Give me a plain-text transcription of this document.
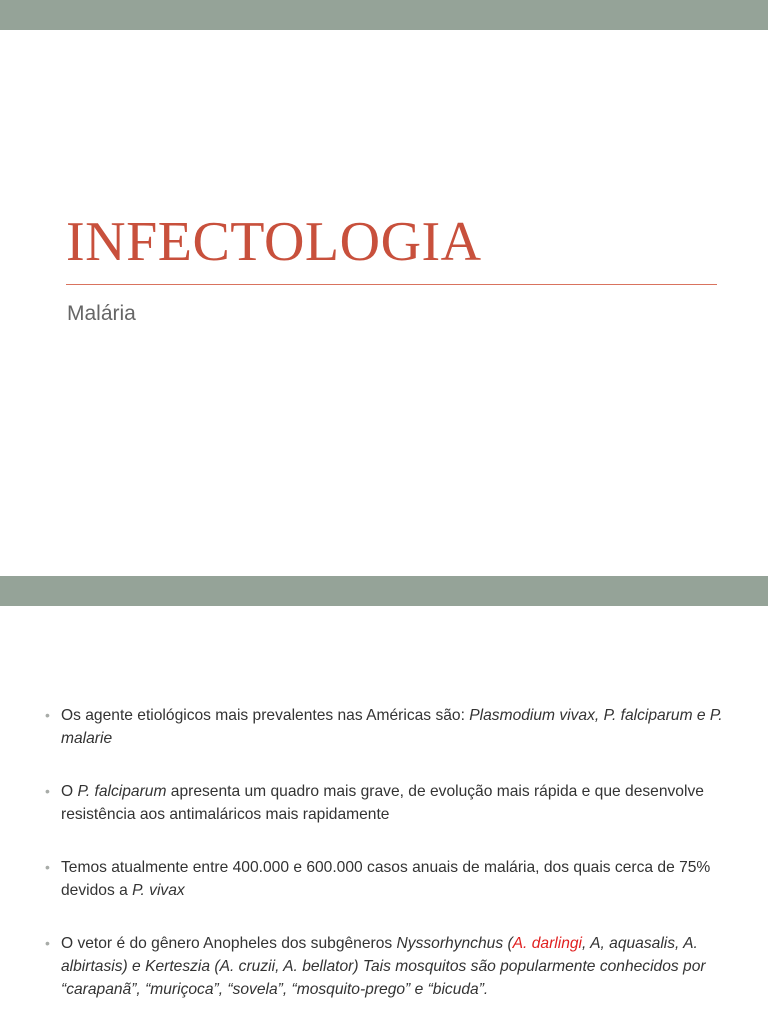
INFECTOLOGIA
Malária
• Os agente etiológicos mais prevalentes nas Américas são: Plasmodium vivax, P. falciparum e P. malarie
• O P. falciparum apresenta um quadro mais grave, de evolução mais rápida e que desenvolve resistência aos antimaláricos mais rapidamente
• Temos atualmente entre 400.000 e 600.000 casos anuais de malária, dos quais cerca de 75% devidos a P. vivax
• O vetor é do gênero Anopheles dos subgêneros Nyssorhynchus (A. darlingi, A, aquasalis, A. albirtasis) e Kerteszia (A. cruzii, A. bellator) Tais mosquitos são popularmente conhecidos por “carapanã”, “muriçoca”, “sovela”, “mosquito-prego” e “bicuda”.
